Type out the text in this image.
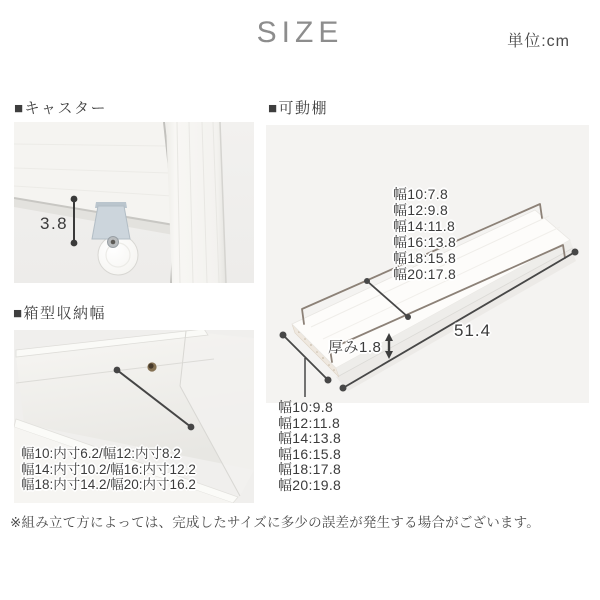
SIZE	単位:cm
■キャスター
3.8
■箱型収納幅
幅10:内寸6.2/幅12:内寸8.2
幅14:内寸10.2/幅16:内寸12.2
幅18:内寸14.2/幅20:内寸16.2
■可動棚
幅10:7.8
幅12:9.8
幅14:11.8
幅16:13.8
幅18:15.8
幅20:17.8
51.4
厚み1.8
幅10:9.8
幅12:11.8
幅14:13.8
幅16:15.8
幅18:17.8
幅20:19.8
※組み立て方によっては、完成したサイズに多少の誤差が発生する場合がございます。
